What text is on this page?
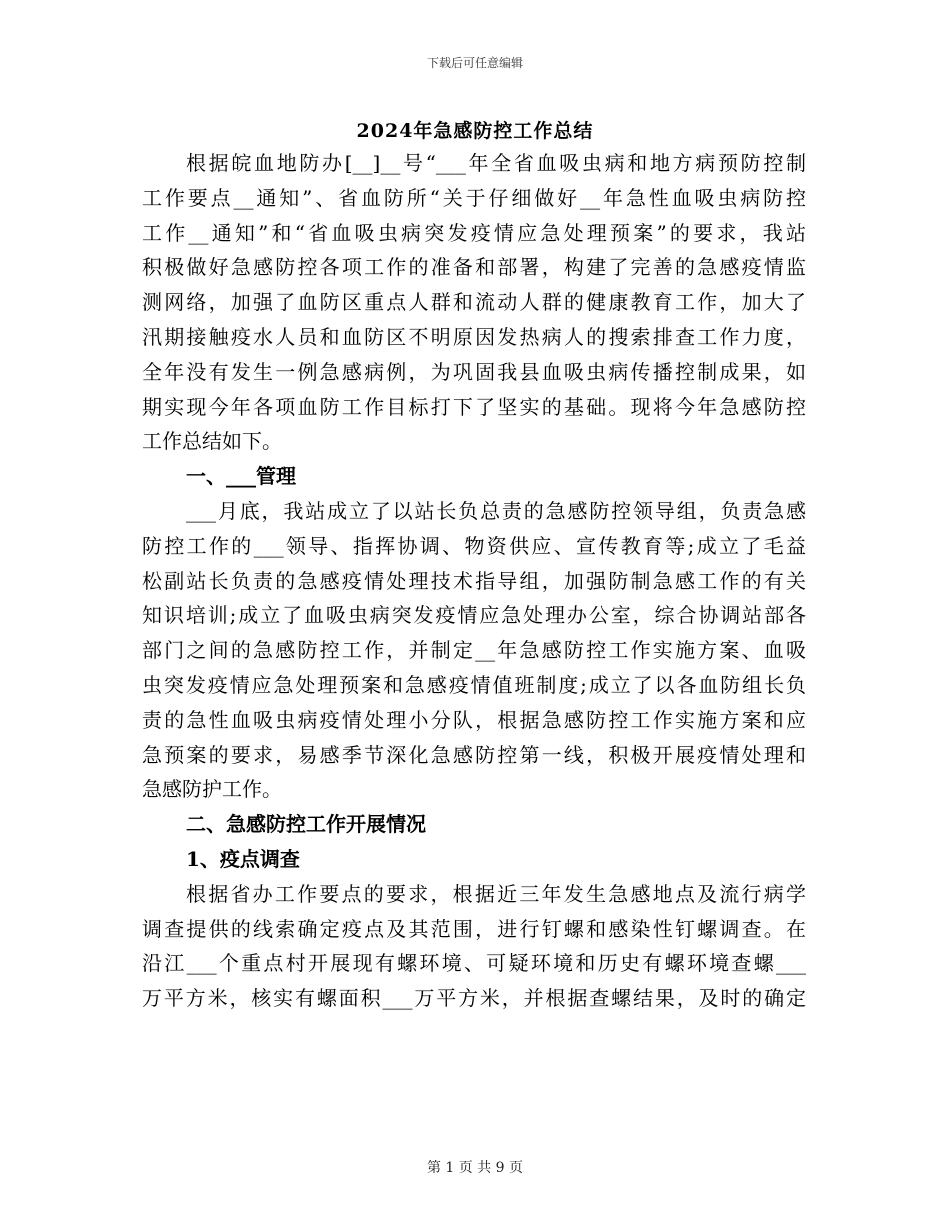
下载后可任意编辑
2024年急感防控工作总结
根据皖血地防办[__]__号“___年全省血吸虫病和地方病预防控制
工作要点__通知”、省血防所“关于仔细做好__年急性血吸虫病防控
工作__通知”和“省血吸虫病突发疫情应急处理预案”的要求，我站
积极做好急感防控各项工作的准备和部署，构建了完善的急感疫情监
测网络，加强了血防区重点人群和流动人群的健康教育工作，加大了
汛期接触疫水人员和血防区不明原因发热病人的搜索排查工作力度，
全年没有发生一例急感病例，为巩固我县血吸虫病传播控制成果，如
期实现今年各项血防工作目标打下了坚实的基础。现将今年急感防控
工作总结如下。
一、___管理
___月底，我站成立了以站长负总责的急感防控领导组，负责急感
防控工作的___领导、指挥协调、物资供应、宣传教育等;成立了毛益
松副站长负责的急感疫情处理技术指导组，加强防制急感工作的有关
知识培训;成立了血吸虫病突发疫情应急处理办公室，综合协调站部各
部门之间的急感防控工作，并制定__年急感防控工作实施方案、血吸
虫突发疫情应急处理预案和急感疫情值班制度;成立了以各血防组长负
责的急性血吸虫病疫情处理小分队，根据急感防控工作实施方案和应
急预案的要求，易感季节深化急感防控第一线，积极开展疫情处理和
急感防护工作。
二、急感防控工作开展情况
1、疫点调查
根据省办工作要点的要求，根据近三年发生急感地点及流行病学
调查提供的线索确定疫点及其范围，进行钉螺和感染性钉螺调查。在
沿江___个重点村开展现有螺环境、可疑环境和历史有螺环境查螺___
万平方米，核实有螺面积___万平方米，并根据查螺结果，及时的确定
第 1 页 共 9 页
